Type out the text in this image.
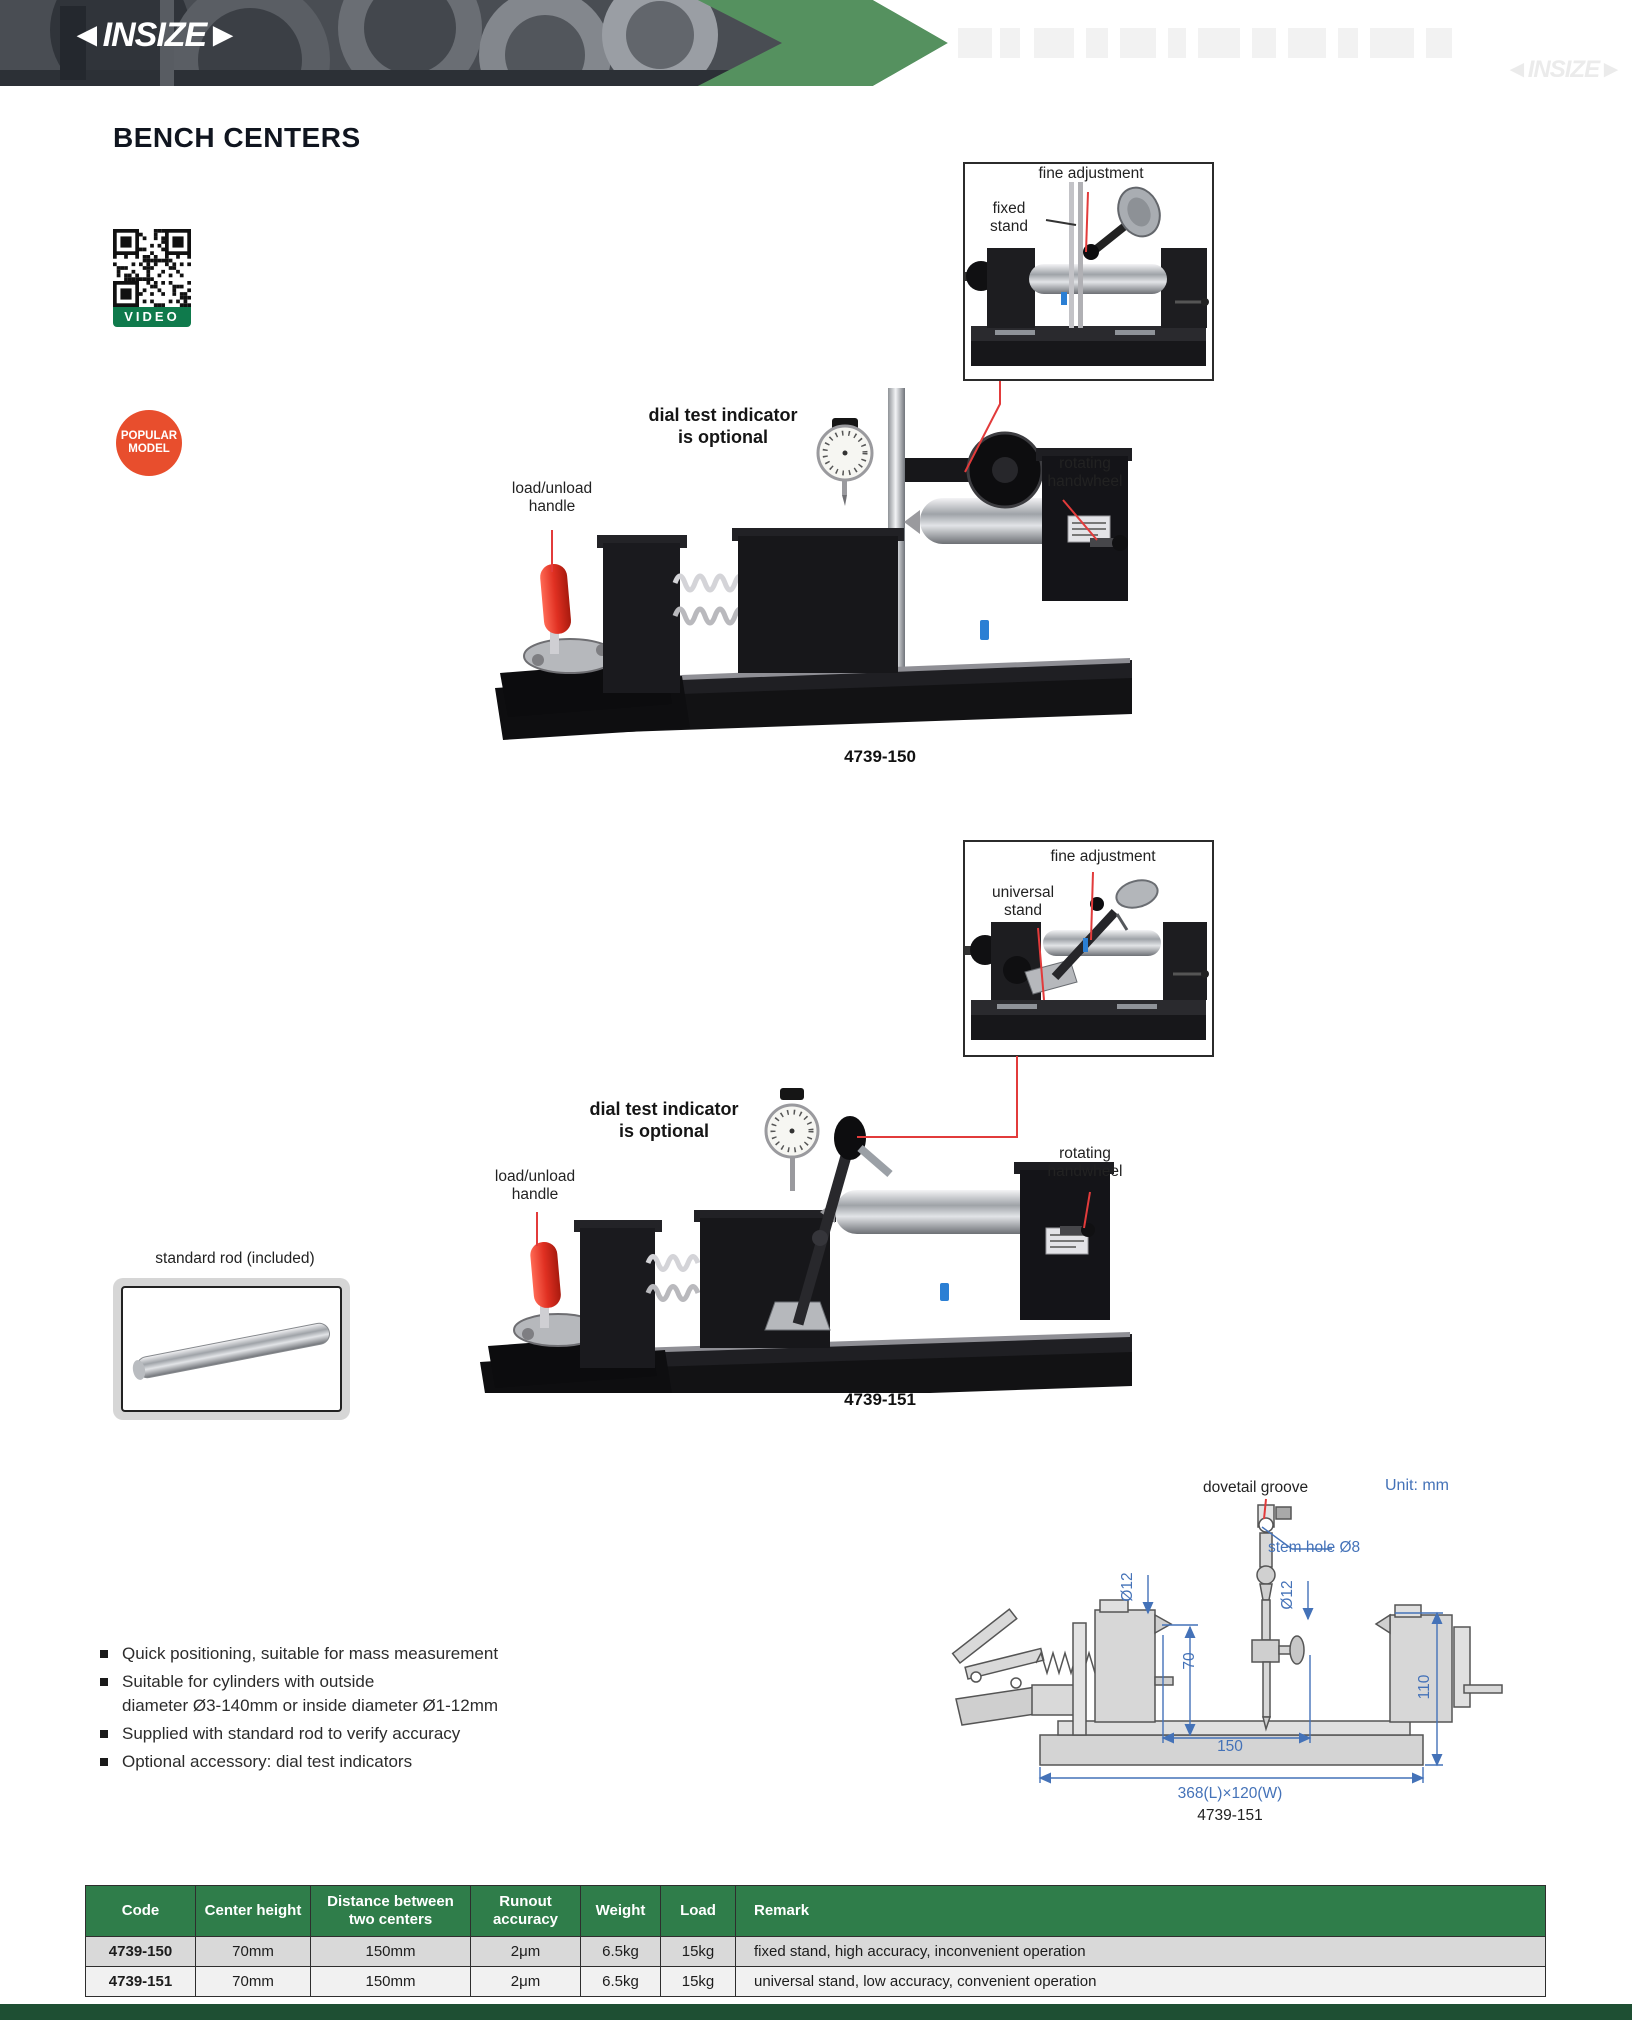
◄INSIZE►
◄INSIZE►
BENCH CENTERS
VIDEO
POPULAR
MODEL
fine adjustment
fixed
stand
dial test indicator
is optional
load/unload
handle
rotating
handwheel
4739-150
fine adjustment
universal
stand
dial test indicator
is optional
load/unload
handle
rotating
handwheel
4739-151
standard rod (included)
Quick positioning, suitable for mass measurement
Suitable for cylinders with outside
diameter Ø3-140mm or inside diameter Ø1-12mm
Supplied with standard rod to verify accuracy
Optional accessory: dial test indicators
Unit: mm
dovetail groove
stem hole Ø8
Ø12
70
Ø12
110
150
368(L)×120(W)
4739-151
Code	Center height	Distance between two centers	Runout accuracy	Weight	Load	Remark
4739-150	70mm	150mm	2μm	6.5kg	15kg	fixed stand, high accuracy, inconvenient operation
4739-151	70mm	150mm	2μm	6.5kg	15kg	universal stand, low accuracy, convenient operation
